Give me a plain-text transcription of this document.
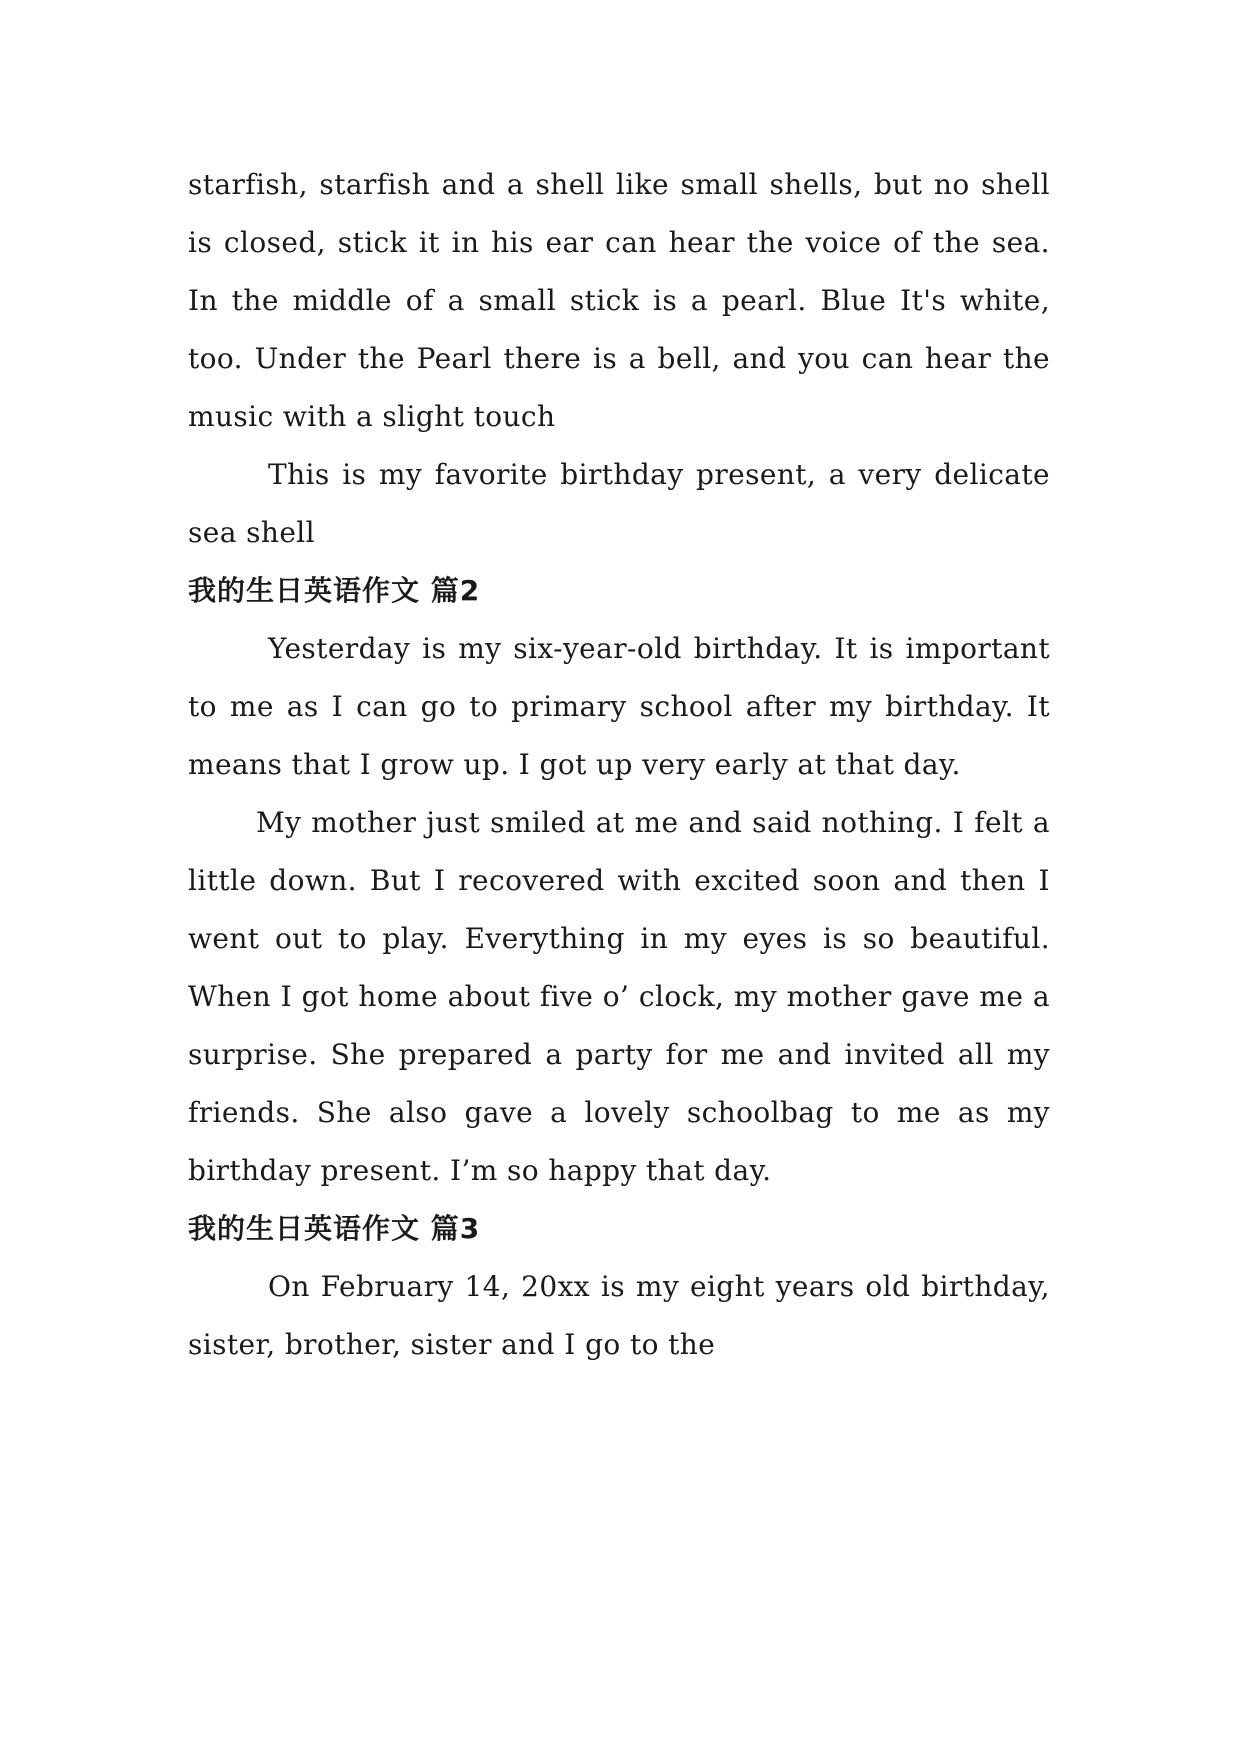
starfish, starfish and a shell like small shells, but no shell is closed, stick it in his ear can hear the voice of the sea. In the middle of a small stick is a pearl. Blue It's white, too. Under the Pearl there is a bell, and you can hear the music with a slight touch

This is my favorite birthday present, a very delicate sea shell

我的生日英语作文 篇2

Yesterday is my six-year-old birthday. It is important to me as I can go to primary school after my birthday. It means that I grow up. I got up very early at that day.

My mother just smiled at me and said nothing. I felt a little down. But I recovered with excited soon and then I went out to play. Everything in my eyes is so beautiful. When I got home about five o’ clock, my mother gave me a surprise. She prepared a party for me and invited all my friends. She also gave a lovely schoolbag to me as my birthday present. I’m so happy that day.

我的生日英语作文 篇3

On February 14, 20xx is my eight years old birthday, sister, brother, sister and I go to the
